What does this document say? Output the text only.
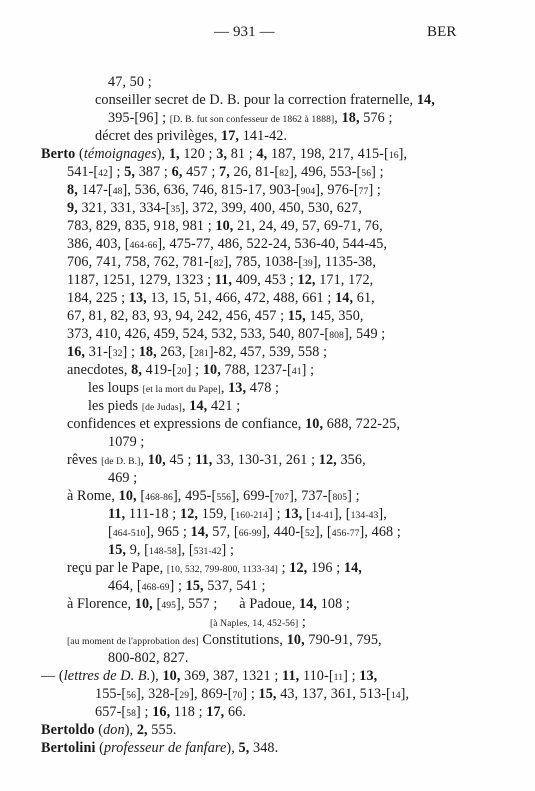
— 931 —	BER
47, 50 ;
conseiller secret de D. B. pour la correction fraternelle, 14,
395-[96] ; [D. B. fut son confesseur de 1862 à 1888], 18, 576 ;
décret des privilèges, 17, 141-42.
Berto (témoignages), 1, 120 ; 3, 81 ; 4, 187, 198, 217, 415-[16],
541-[42] ; 5, 387 ; 6, 457 ; 7, 26, 81-[82], 496, 553-[56] ;
8, 147-[48], 536, 636, 746, 815-17, 903-[904], 976-[77] ;
9, 321, 331, 334-[35], 372, 399, 400, 450, 530, 627,
783, 829, 835, 918, 981 ; 10, 21, 24, 49, 57, 69-71, 76,
386, 403, [464-66], 475-77, 486, 522-24, 536-40, 544-45,
706, 741, 758, 762, 781-[82], 785, 1038-[39], 1135-38,
1187, 1251, 1279, 1323 ; 11, 409, 453 ; 12, 171, 172,
184, 225 ; 13, 13, 15, 51, 466, 472, 488, 661 ; 14, 61,
67, 81, 82, 83, 93, 94, 242, 456, 457 ; 15, 145, 350,
373, 410, 426, 459, 524, 532, 533, 540, 807-[808], 549 ;
16, 31-[32] ; 18, 263, [281]-82, 457, 539, 558 ;
anecdotes, 8, 419-[20] ; 10, 788, 1237-[41] ;
les loups [et la mort du Pape], 13, 478 ;
les pieds [de Judas], 14, 421 ;
confidences et expressions de confiance, 10, 688, 722-25,
1079 ;
rêves [de D. B.], 10, 45 ; 11, 33, 130-31, 261 ; 12, 356,
469 ;
à Rome, 10, [468-86], 495-[556], 699-[707], 737-[805] ;
11, 111-18 ; 12, 159, [160-214] ; 13, [14-41], [134-43],
[464-510], 965 ; 14, 57, [66-99], 440-[52], [456-77], 468 ;
15, 9, [148-58], [531-42] ;
reçu par le Pape, [10, 532, 799-800, 1133-34] ; 12, 196 ; 14,
464, [468-69] ; 15, 537, 541 ;
à Florence, 10, [495], 557 ;      à Padoue, 14, 108 ;
[à Naples, 14, 452-56] ;
[au moment de l'approbation des] Constitutions, 10, 790-91, 795,
800-802, 827.
— (lettres de D. B.), 10, 369, 387, 1321 ; 11, 110-[11] ; 13,
155-[56], 328-[29], 869-[70] ; 15, 43, 137, 361, 513-[14],
657-[58] ; 16, 118 ; 17, 66.
Bertoldo (don), 2, 555.
Bertolini (professeur de fanfare), 5, 348.
